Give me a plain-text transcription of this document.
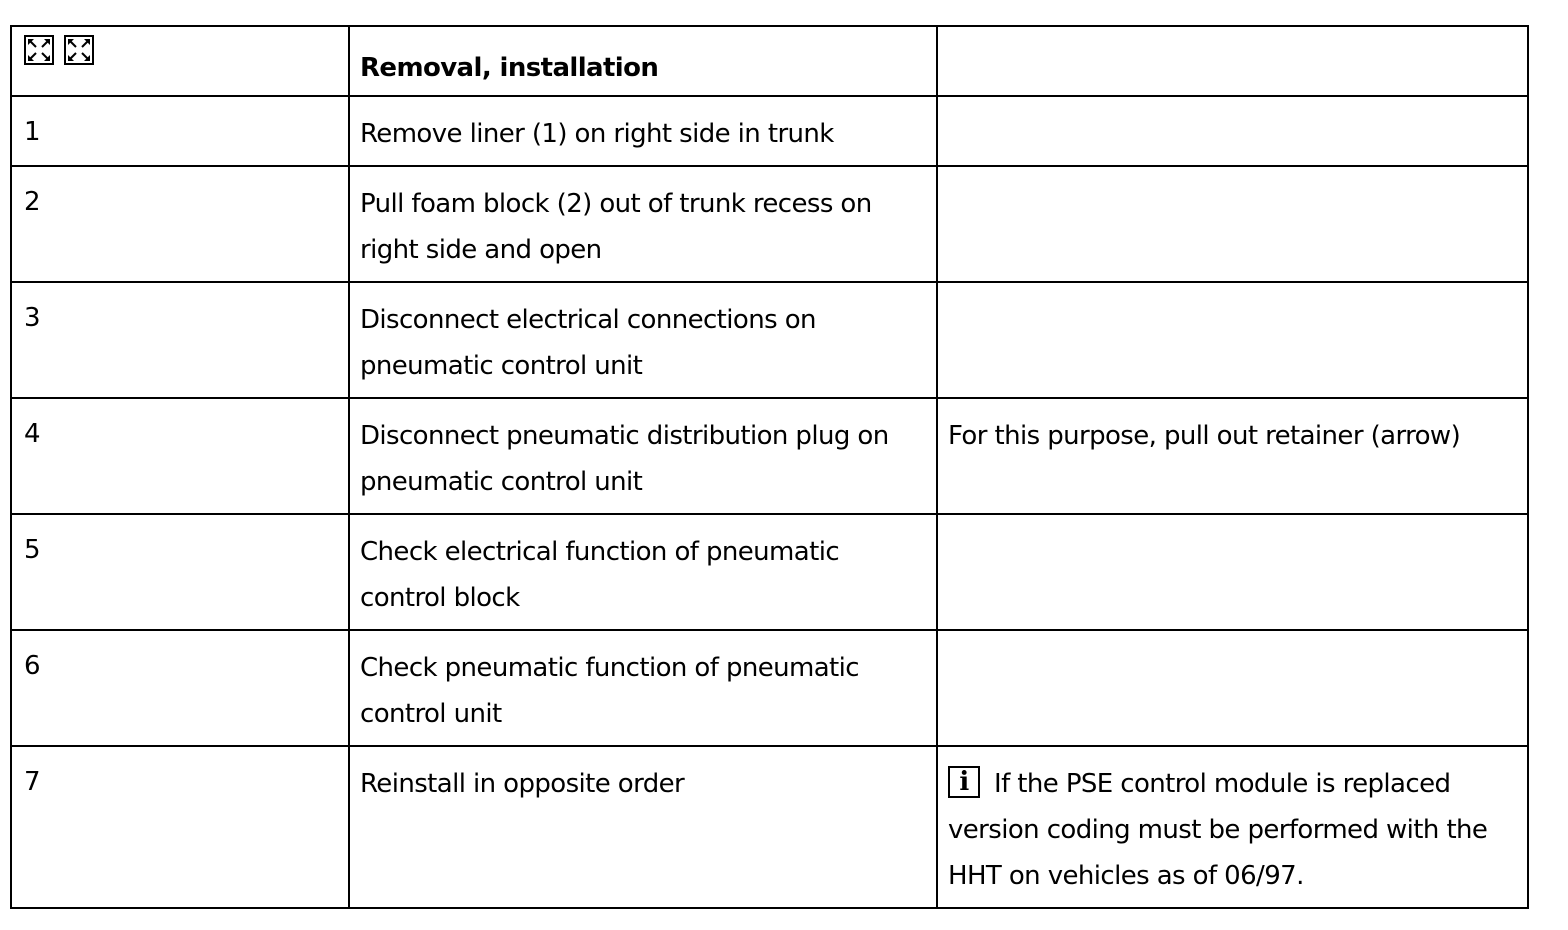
	Removal, installation	
1	Remove liner (1) on right side in trunk	
2	Pull foam block (2) out of trunk recess on right side and open	
3	Disconnect electrical connections on pneumatic control unit	
4	Disconnect pneumatic distribution plug on pneumatic control unit	For this purpose, pull out retainer (arrow)
5	Check electrical function of pneumatic control block	
6	Check pneumatic function of pneumatic control unit	
7	Reinstall in opposite order	i If the PSE control module is replaced version coding must be performed with the HHT on vehicles as of 06/97.
